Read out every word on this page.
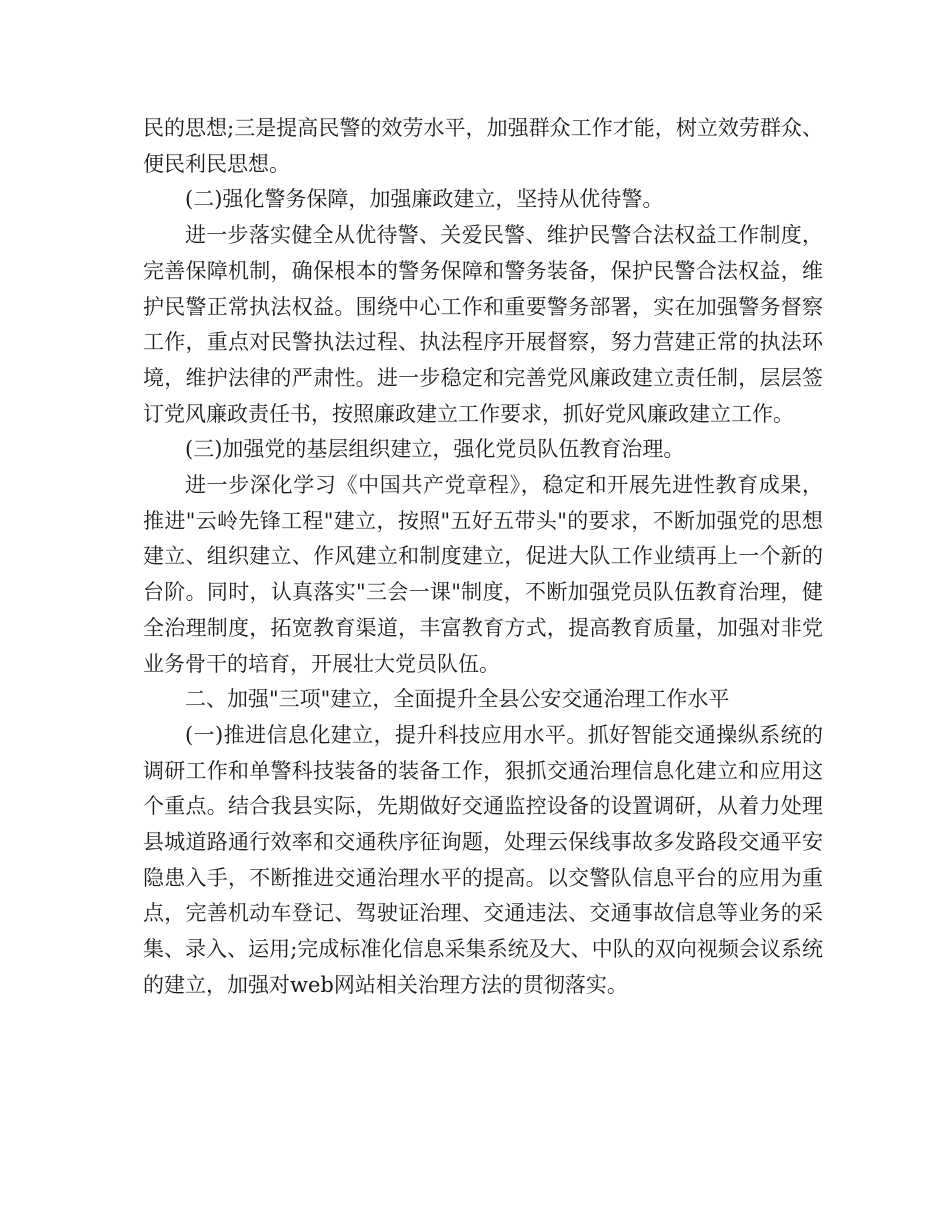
民的思想;三是提高民警的效劳水平，加强群众工作才能，树立效劳群众、便民利民思想。

(二)强化警务保障，加强廉政建立，坚持从优待警。

进一步落实健全从优待警、关爱民警、维护民警合法权益工作制度，完善保障机制，确保根本的警务保障和警务装备，保护民警合法权益，维护民警正常执法权益。围绕中心工作和重要警务部署，实在加强警务督察工作，重点对民警执法过程、执法程序开展督察，努力营建正常的执法环境，维护法律的严肃性。进一步稳定和完善党风廉政建立责任制，层层签订党风廉政责任书，按照廉政建立工作要求，抓好党风廉政建立工作。

(三)加强党的基层组织建立，强化党员队伍教育治理。

进一步深化学习《中国共产党章程》，稳定和开展先进性教育成果，推进"云岭先锋工程"建立，按照"五好五带头"的要求，不断加强党的思想建立、组织建立、作风建立和制度建立，促进大队工作业绩再上一个新的台阶。同时，认真落实"三会一课"制度，不断加强党员队伍教育治理，健全治理制度，拓宽教育渠道，丰富教育方式，提高教育质量，加强对非党业务骨干的培育，开展壮大党员队伍。

二、加强"三项"建立，全面提升全县公安交通治理工作水平

(一)推进信息化建立，提升科技应用水平。抓好智能交通操纵系统的调研工作和单警科技装备的装备工作，狠抓交通治理信息化建立和应用这个重点。结合我县实际，先期做好交通监控设备的设置调研，从着力处理县城道路通行效率和交通秩序征询题，处理云保线事故多发路段交通平安隐患入手，不断推进交通治理水平的提高。以交警队信息平台的应用为重点，完善机动车登记、驾驶证治理、交通违法、交通事故信息等业务的采集、录入、运用;完成标准化信息采集系统及大、中队的双向视频会议系统的建立，加强对web网站相关治理方法的贯彻落实。
